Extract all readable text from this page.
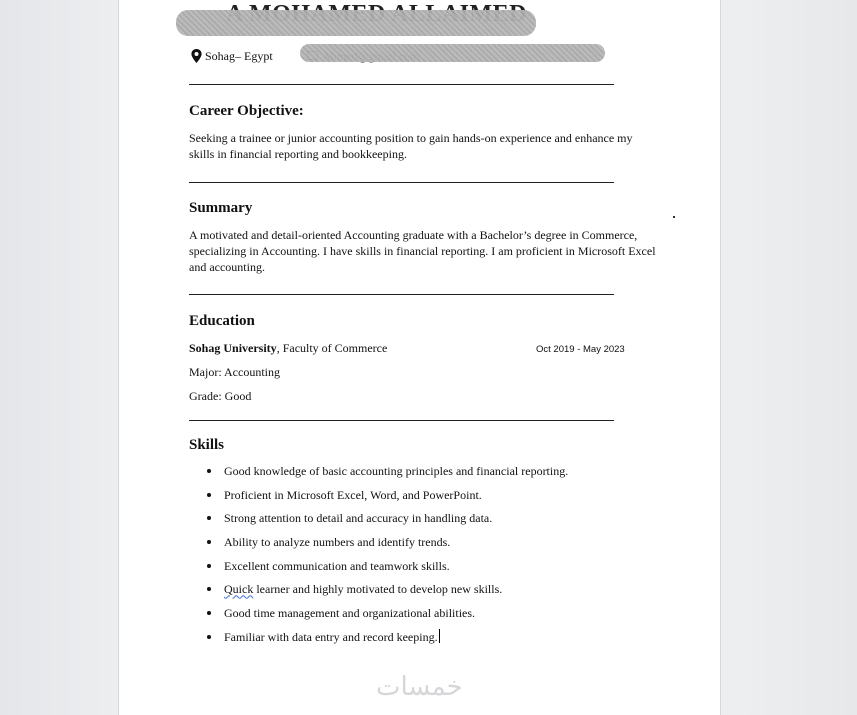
Sohag– Egypt
Career Objective:
Seeking a trainee or junior accounting position to gain hands-on experience and enhance my skills in financial reporting and bookkeeping.
Summary
A motivated and detail-oriented Accounting graduate with a Bachelor’s degree in Commerce, specializing in Accounting. I have skills in financial reporting. I am proficient in Microsoft Excel and accounting.
Education
Sohag University, Faculty of Commerce	Oct 2019 - May 2023
Major: Accounting
Grade: Good
Skills
Good knowledge of basic accounting principles and financial reporting.
Proficient in Microsoft Excel, Word, and PowerPoint.
Strong attention to detail and accuracy in handling data.
Ability to analyze numbers and identify trends.
Excellent communication and teamwork skills.
Quick learner and highly motivated to develop new skills.
Good time management and organizational abilities.
Familiar with data entry and record keeping.
خمسات
